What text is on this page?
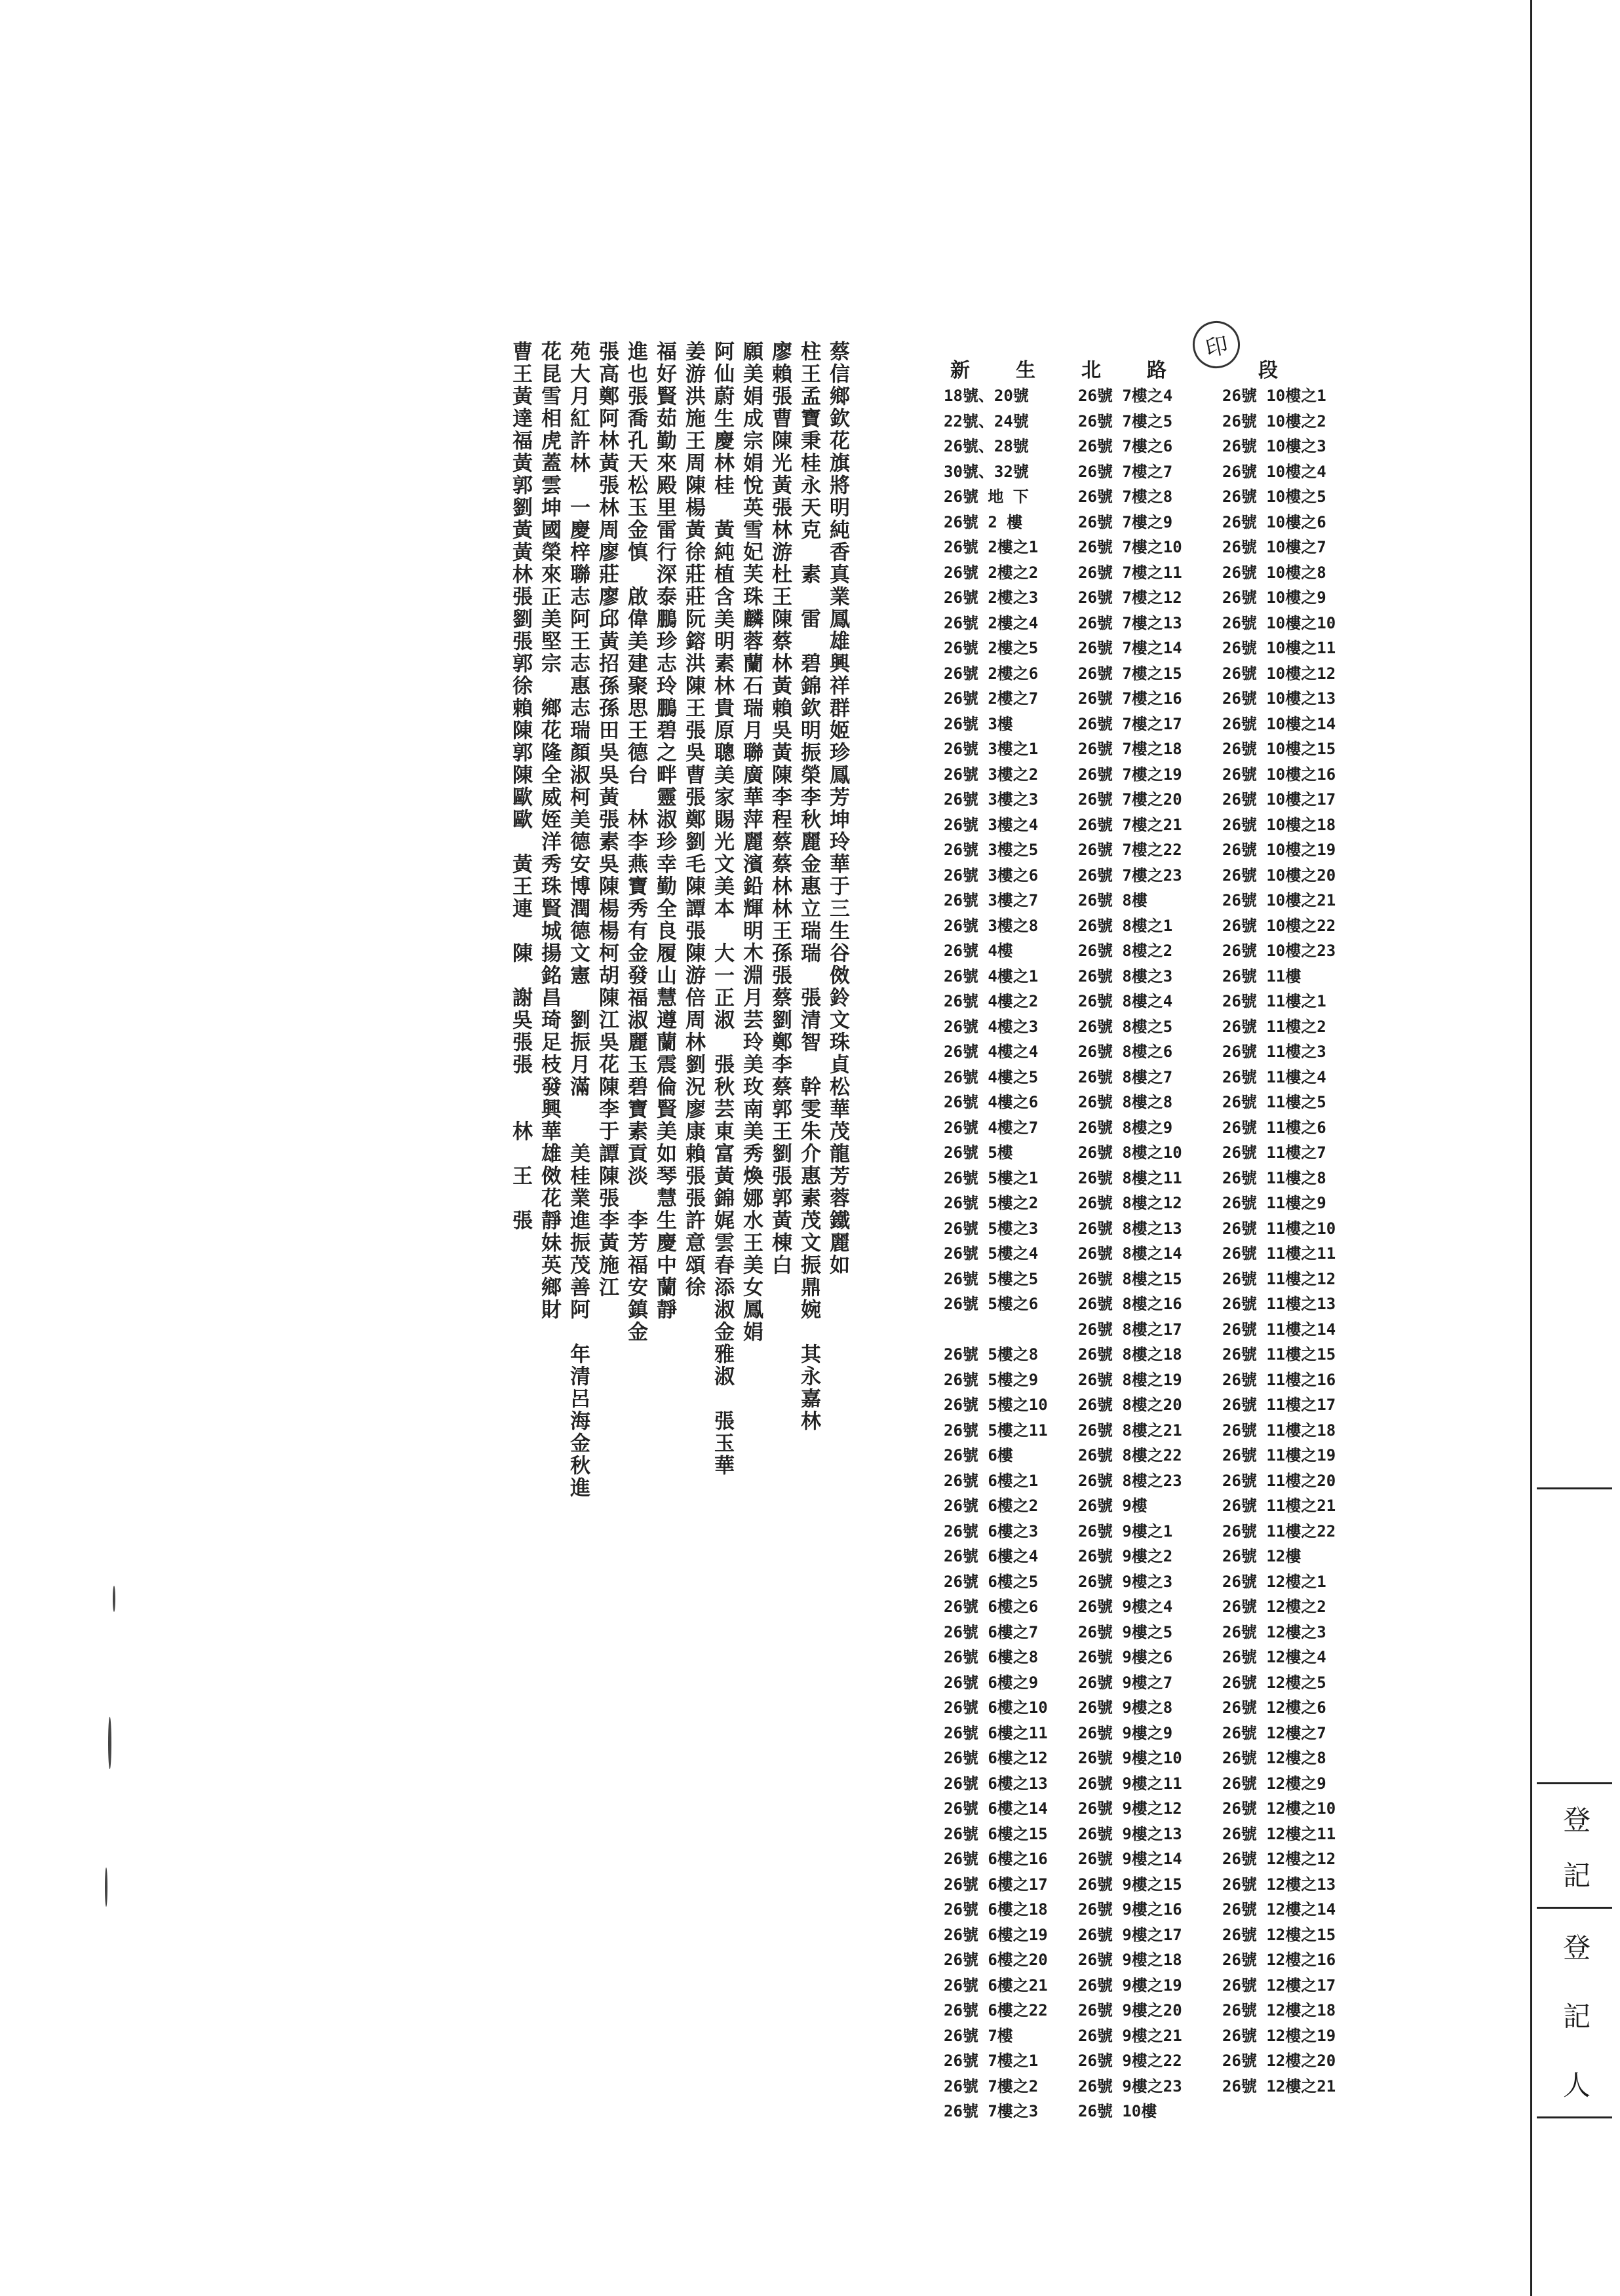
蔡信鄉欽花旗將明純香真業鳳雄興祥群姬珍鳳芳坤玲華于三生谷傚鈴文珠貞松華茂龍芳蓉鐵麗如
柱王孟寶秉桂永天克　素　雷　碧錦欽明振榮李秋麗金惠立瑞瑞　張清智　幹雯朱介惠素茂文振鼎婉　其永嘉林
廖賴張曹陳光黃張林游杜王陳蔡林黃賴吳黃陳李程蔡蔡林林王孫張蔡劉鄭李蔡郭王劉張郭黃棟白
願美娟成宗娟悅英雪妃芙珠麟蓉蘭石瑞月聯廣華萍麗濱鉛輝明木淵月芸玲美玫南美秀煥娜水王美女鳳娟
阿仙蔚生慶林桂　黃純植含美明素林貴原聰美家賜光文美本　大一正淑　張秋芸東富黃錦娓雲春添淑金雅淑　張玉華
姜游洪施王周陳楊黃徐莊莊阮鎔洪陳王張吳曹張鄭劉毛陳譚張陳游倍周林劉況廖康賴張張許意頌徐
福好賢茹勤來殿里雷行深泰鵬珍志玲鵬碧之畔靈淑珍幸勤全良履山慧遵蘭震倫賢美如琴慧生慶中蘭靜
進也張喬孔天松玉金慎　啟偉美建聚思王德台　林李燕寶秀有金發福淑麗玉碧寶素貢淡　李芳福安鎮金
張高鄭阿林黃張林周廖莊廖邱黃招孫孫田吳吳黃張素吳陳楊楊柯胡陳江吳花陳李于譚陳張李黃施江
苑大月紅許林　一慶梓聯志阿王志惠志瑞顏淑柯美德安博潤德文憲　劉振月滿　　美桂業進振茂善阿　年清呂海金秋進
花昆雪相虎蓋雲坤國榮來正美堅宗　鄉花隆全威姪洋秀珠賢城揚銘昌琦足枝發興華雄傚花靜妹英鄉財
曹王黃達福黃郭劉黃黃林張劉張郭徐賴陳郭陳歐歐　黃王連　陳　謝吳張張　　林　王　張	印
新 生 北 路	段
18號、20號
22號、24號
26號、28號
30號、32號
26號 地 下
26號 2 樓
26號 2樓之1
26號 2樓之2
26號 2樓之3
26號 2樓之4
26號 2樓之5
26號 2樓之6
26號 2樓之7
26號 3樓
26號 3樓之1
26號 3樓之2
26號 3樓之3
26號 3樓之4
26號 3樓之5
26號 3樓之6
26號 3樓之7
26號 3樓之8
26號 4樓
26號 4樓之1
26號 4樓之2
26號 4樓之3
26號 4樓之4
26號 4樓之5
26號 4樓之6
26號 4樓之7
26號 5樓
26號 5樓之1
26號 5樓之2
26號 5樓之3
26號 5樓之4
26號 5樓之5
26號 5樓之6
26號 5樓之8
26號 5樓之9
26號 5樓之10
26號 5樓之11
26號 6樓
26號 6樓之1
26號 6樓之2
26號 6樓之3
26號 6樓之4
26號 6樓之5
26號 6樓之6
26號 6樓之7
26號 6樓之8
26號 6樓之9
26號 6樓之10
26號 6樓之11
26號 6樓之12
26號 6樓之13
26號 6樓之14
26號 6樓之15
26號 6樓之16
26號 6樓之17
26號 6樓之18
26號 6樓之19
26號 6樓之20
26號 6樓之21
26號 6樓之22
26號 7樓
26號 7樓之1
26號 7樓之2
26號 7樓之3
26號 7樓之4
26號 7樓之5
26號 7樓之6
26號 7樓之7
26號 7樓之8
26號 7樓之9
26號 7樓之10
26號 7樓之11
26號 7樓之12
26號 7樓之13
26號 7樓之14
26號 7樓之15
26號 7樓之16
26號 7樓之17
26號 7樓之18
26號 7樓之19
26號 7樓之20
26號 7樓之21
26號 7樓之22
26號 7樓之23
26號 8樓
26號 8樓之1
26號 8樓之2
26號 8樓之3
26號 8樓之4
26號 8樓之5
26號 8樓之6
26號 8樓之7
26號 8樓之8
26號 8樓之9
26號 8樓之10
26號 8樓之11
26號 8樓之12
26號 8樓之13
26號 8樓之14
26號 8樓之15
26號 8樓之16
26號 8樓之17
26號 8樓之18
26號 8樓之19
26號 8樓之20
26號 8樓之21
26號 8樓之22
26號 8樓之23
26號 9樓
26號 9樓之1
26號 9樓之2
26號 9樓之3
26號 9樓之4
26號 9樓之5
26號 9樓之6
26號 9樓之7
26號 9樓之8
26號 9樓之9
26號 9樓之10
26號 9樓之11
26號 9樓之12
26號 9樓之13
26號 9樓之14
26號 9樓之15
26號 9樓之16
26號 9樓之17
26號 9樓之18
26號 9樓之19
26號 9樓之20
26號 9樓之21
26號 9樓之22
26號 9樓之23
26號 10樓
26號 10樓之1
26號 10樓之2
26號 10樓之3
26號 10樓之4
26號 10樓之5
26號 10樓之6
26號 10樓之7
26號 10樓之8
26號 10樓之9
26號 10樓之10
26號 10樓之11
26號 10樓之12
26號 10樓之13
26號 10樓之14
26號 10樓之15
26號 10樓之16
26號 10樓之17
26號 10樓之18
26號 10樓之19
26號 10樓之20
26號 10樓之21
26號 10樓之22
26號 10樓之23
26號 11樓
26號 11樓之1
26號 11樓之2
26號 11樓之3
26號 11樓之4
26號 11樓之5
26號 11樓之6
26號 11樓之7
26號 11樓之8
26號 11樓之9
26號 11樓之10
26號 11樓之11
26號 11樓之12
26號 11樓之13
26號 11樓之14
26號 11樓之15
26號 11樓之16
26號 11樓之17
26號 11樓之18
26號 11樓之19
26號 11樓之20
26號 11樓之21
26號 11樓之22
26號 12樓
26號 12樓之1
26號 12樓之2
26號 12樓之3
26號 12樓之4
26號 12樓之5
26號 12樓之6
26號 12樓之7
26號 12樓之8
26號 12樓之9
26號 12樓之10
26號 12樓之11
26號 12樓之12
26號 12樓之13
26號 12樓之14
26號 12樓之15
26號 12樓之16
26號 12樓之17
26號 12樓之18
26號 12樓之19
26號 12樓之20
26號 12樓之21
登
記
登
記
人
